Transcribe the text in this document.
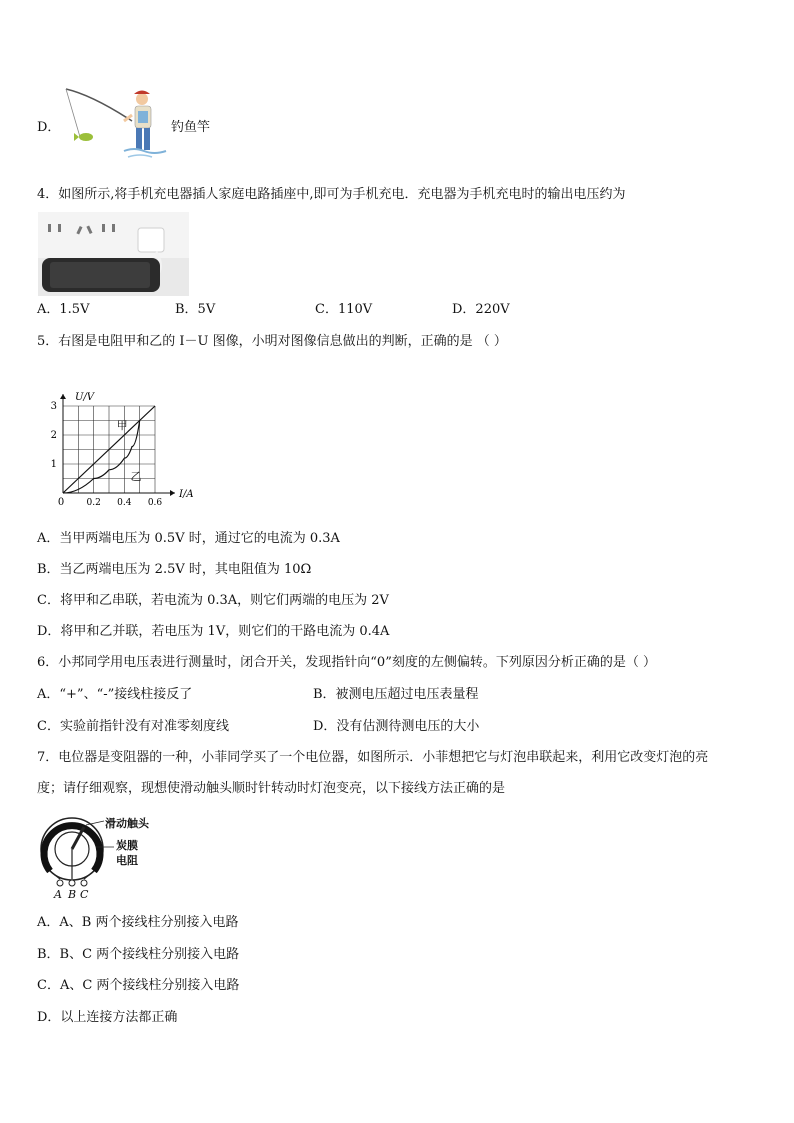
D．	钓鱼竿
4．如图所示,将手机充电器插人家庭电路插座中,即可为手机充电．充电器为手机充电时的输出电压约为
A．1.5V	B．5V	C．110V	D．220V
5．右图是电阻甲和乙的 I－U 图像，小明对图像信息做出的判断，正确的是 （ ）
0.2 0.4 0.6
1
2
3
0
I/A
U/V
甲
乙
A．当甲两端电压为 0.5V 时，通过它的电流为 0.3A
B．当乙两端电压为 2.5V 时，其电阻值为 10Ω
C．将甲和乙串联，若电流为 0.3A，则它们两端的电压为 2V
D．将甲和乙并联，若电压为 1V，则它们的干路电流为 0.4A
6．小邦同学用电压表进行测量时，闭合开关，发现指针向“0”刻度的左侧偏转。下列原因分析正确的是（ ）
A．“+”、“-”接线柱接反了	B．被测电压超过电压表量程
C．实验前指针没有对准零刻度线	D．没有估测待测电压的大小
7．电位器是变阻器的一种，小菲同学买了一个电位器，如图所示．小菲想把它与灯泡串联起来，利用它改变灯泡的亮
度；请仔细观察，现想使滑动触头顺时针转动时灯泡变亮，以下接线方法正确的是
滑动触头
炭膜
电阻
A B C
A．A、B 两个接线柱分别接入电路
B．B、C 两个接线柱分别接入电路
C．A、C 两个接线柱分别接入电路
D．以上连接方法都正确
